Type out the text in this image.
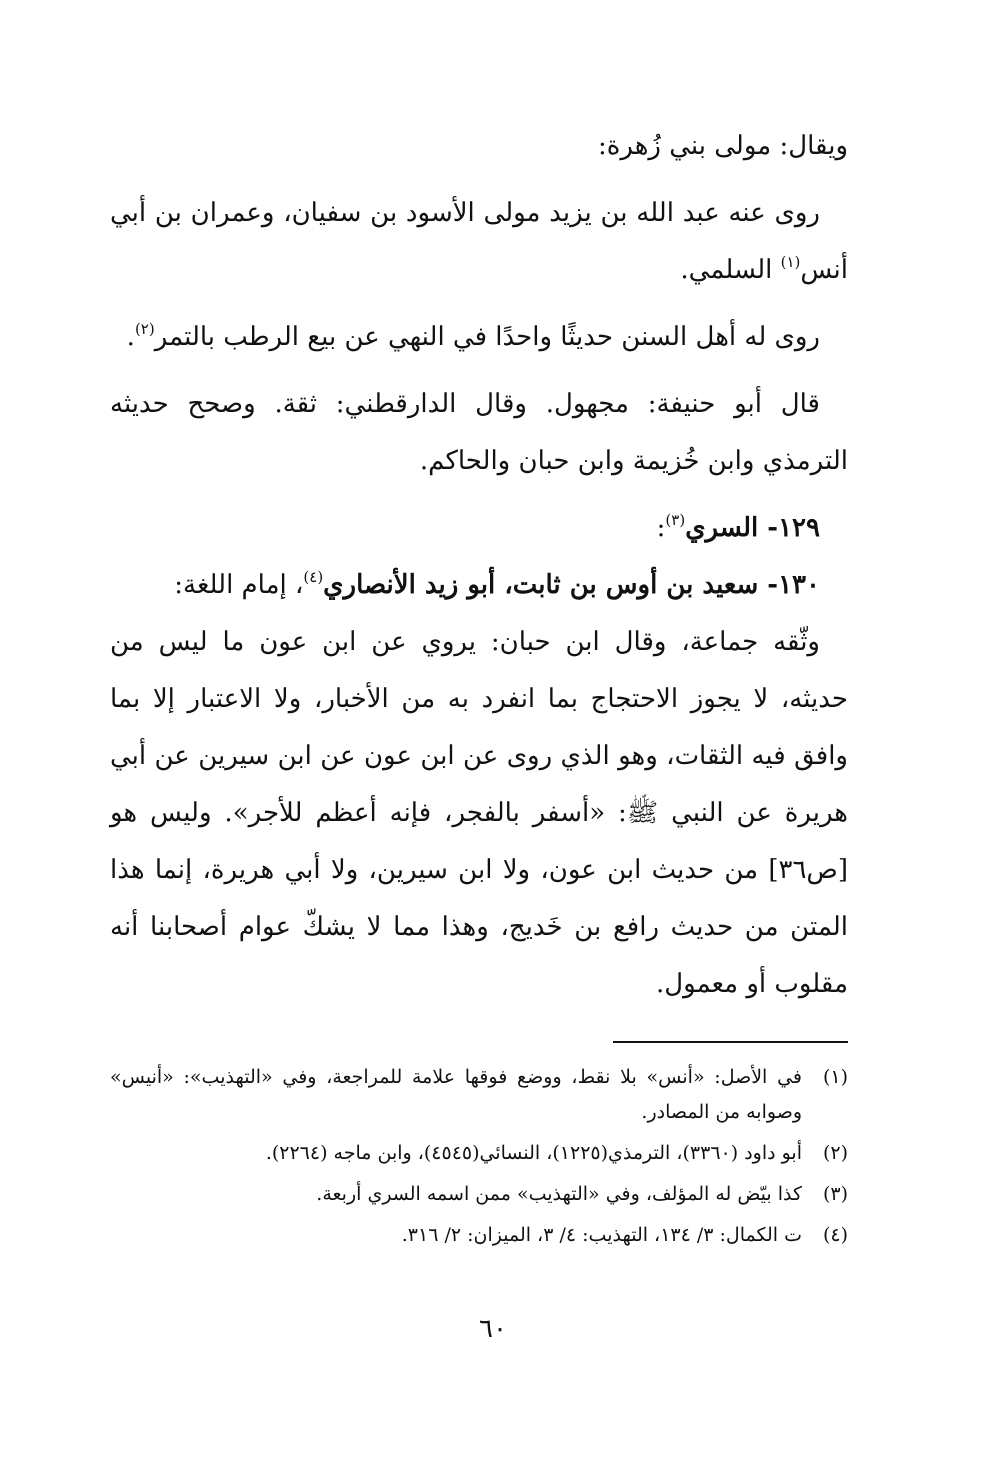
ويقال: مولى بني زُهرة:

روى عنه عبد الله بن يزيد مولى الأسود بن سفيان، وعمران بن أبي أنس$^{(١)}$ السلمي.

روى له أهل السنن حديثًا واحدًا في النهي عن بيع الرطب بالتمر$^{(٢)}$.

قال أبو حنيفة: مجهول. وقال الدارقطني: ثقة. وصحح حديثه الترمذي وابن خُزيمة وابن حبان والحاكم.

١٢٩- السري$^{(٣)}$:

١٣٠- سعيد بن أوس بن ثابت، أبو زيد الأنصاري$^{(٤)}$، إمام اللغة:

وثّقه جماعة، وقال ابن حبان: يروي عن ابن عون ما ليس من حديثه، لا يجوز الاحتجاج بما انفرد به من الأخبار، ولا الاعتبار إلا بما وافق فيه الثقات، وهو الذي روى عن ابن عون عن ابن سيرين عن أبي هريرة عن النبي ﷺ: «أسفر بالفجر، فإنه أعظم للأجر». وليس هو [ص٣٦] من حديث ابن عون، ولا ابن سيرين، ولا أبي هريرة، إنما هذا المتن من حديث رافع بن خَديج، وهذا مما لا يشكّ عوام أصحابنا أنه مقلوب أو معمول.

(١)في الأصل: «أنس» بلا نقط، ووضع فوقها علامة للمراجعة، وفي «التهذيب»: «أنيس» وصوابه من المصادر.

(٢)أبو داود (٣٣٦٠)، الترمذي(١٢٢٥)، النسائي(٤٥٤٥)، وابن ماجه (٢٢٦٤).

(٣)كذا بيّض له المؤلف، وفي «التهذيب» ممن اسمه السري أربعة.

(٤)ت الكمال: ٣/ ١٣٤، التهذيب: ٤/ ٣، الميزان: ٢/ ٣١٦.

٦٠
